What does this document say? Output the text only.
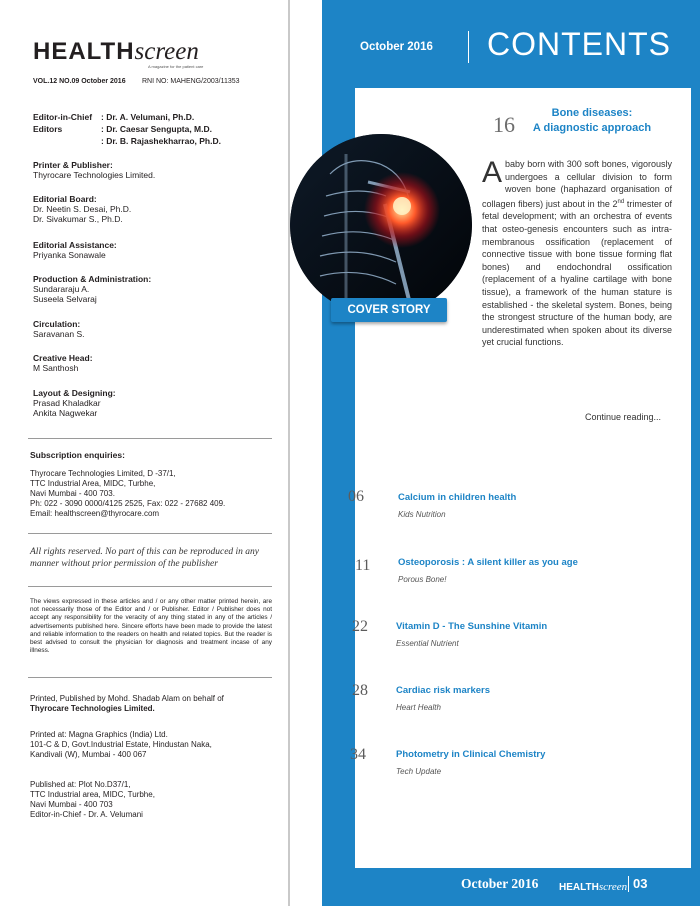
HEALTHscreen
A magazine for the patient care
VOL.12 NO.09 October 2016 RNI NO: MAHENG/2003/11353
Editor-in-Chief : Dr. A. Velumani, Ph.D.
Editors	: Dr. Caesar Sengupta, M.D.
: Dr. B. Rajashekharrao, Ph.D.
Printer & Publisher:
Thyrocare Technologies Limited.
Editorial Board:
Dr. Neetin S. Desai, Ph.D.
Dr. Sivakumar S., Ph.D.
Editorial Assistance:
Priyanka Sonawale
Production & Administration:
Sundararaju A.
Suseela Selvaraj
Circulation:
Saravanan S.
Creative Head:
M Santhosh
Layout & Designing:
Prasad Khaladkar
Ankita Nagwekar
Subscription enquiries:
Thyrocare Technologies Limited, D -37/1,
TTC Industrial Area, MIDC, Turbhe,
Navi Mumbai - 400 703.
Ph: 022 - 3090 0000/4125 2525, Fax: 022 - 27682 409.
Email: healthscreen@thyrocare.com
All rights reserved. No part of this can be reproduced in any manner without prior permission of the publisher
The views expressed in these articles and / or any other matter printed herein, are not necessarily those of the Editor and / or Publisher. Editor / Publisher does not accept any responsibility for the veracity of any thing stated in any of the articles / advertisements published here. Sincere efforts have been made to provide the latest and reliable information to the readers on health and related topics. But the reader is best advised to consult the physician for diagnosis and treatment incase of any illness.
Printed, Published by Mohd. Shadab Alam on behalf of
Thyrocare Technologies Limited.
Printed at: Magna Graphics (India) Ltd.
101-C & D, Govt.Industrial Estate, Hindustan Naka,
Kandivali (W), Mumbai - 400 067
Published at: Plot No.D37/1,
TTC Industrial area, MIDC, Turbhe,
Navi Mumbai - 400 703
Editor-in-Chief - Dr. A. Velumani
October 2016 CONTENTS
16	Bone diseases:
A diagnostic approach
COVER STORY
Ababy born with 300 soft bones, vigorously undergoes a cellular division to form woven bone (haphazard organisation of collagen fibers) just about in the 2nd trimester of fetal development; with an orchestra of events that osteo-genesis encounters such as intra-membranous ossification (replacement of connective tissue with bone tissue forming flat bones) and endochondral ossification (replacement of a hyaline cartilage with bone tissue), a framework of the human stature is established - the skeletal system. Bones, being the strongest structure of the human body, are underestimated when spoken about its diverse yet crucial functions.
Continue reading...
06	Calcium in children health
Kids Nutrition
11	Osteoporosis : A silent killer as you age
Porous Bone!
22	Vitamin D - The Sunshine Vitamin
Essential Nutrient
28	Cardiac risk markers
Heart Health
34	Photometry in Clinical Chemistry
Tech Update
October 2016 HEALTHscreen 03
